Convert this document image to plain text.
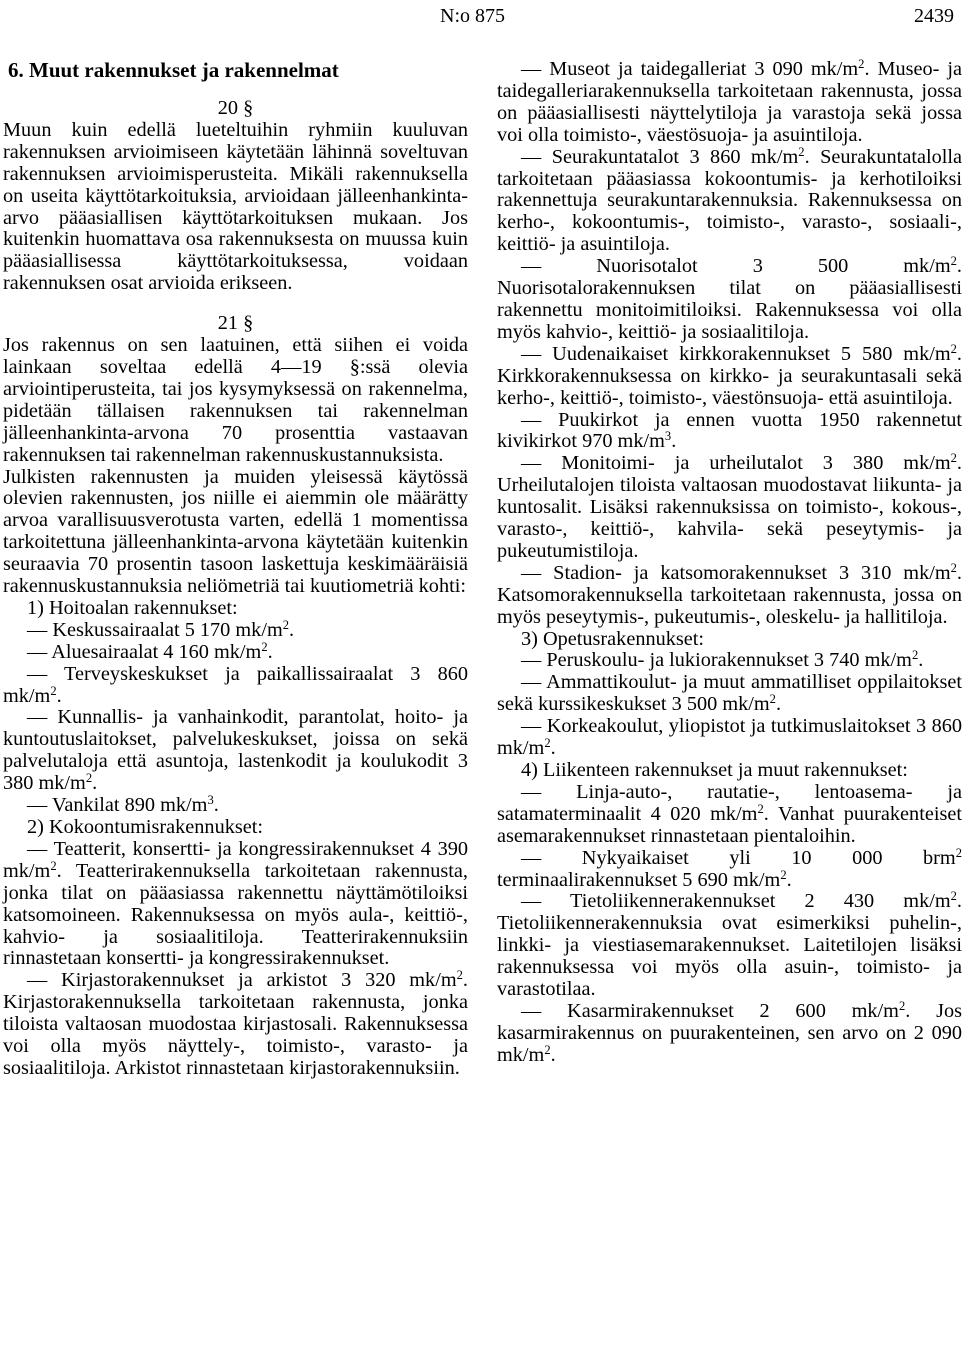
N:o 875	2439
6. Muut rakennukset ja rakennelmat

20 §

Muun kuin edellä lueteltuihin ryhmiin kuuluvan rakennuksen arvioimiseen käytetään lähinnä soveltuvan rakennuksen arvioimisperusteita. Mikäli rakennuksella on useita käyttötarkoituksia, arvioidaan jälleenhankinta-arvo pääasiallisen käyttötarkoituksen mukaan. Jos kuitenkin huomattava osa rakennuksesta on muussa kuin pääasiallisessa käyttötarkoituksessa, voidaan rakennuksen osat arvioida erikseen.

21 §

Jos rakennus on sen laatuinen, että siihen ei voida lainkaan soveltaa edellä 4—19 §:ssä olevia arviointiperusteita, tai jos kysymyksessä on rakennelma, pidetään tällaisen rakennuksen tai rakennelman jälleenhankinta-arvona 70 prosenttia vastaavan rakennuksen tai rakennelman rakennuskustannuksista.

Julkisten rakennusten ja muiden yleisessä käytössä olevien rakennusten, jos niille ei aiemmin ole määrätty arvoa varallisuusverotusta varten, edellä 1 momentissa tarkoitettuna jälleenhankinta-arvona käytetään kuitenkin seuraavia 70 prosentin tasoon laskettuja keskimääräisiä rakennuskustannuksia neliömetriä tai kuutiometriä kohti:

1) Hoitoalan rakennukset:

— Keskussairaalat 5 170 $mk/m^2$.

— Aluesairaalat 4 160 $mk/m^2$.

— Terveyskeskukset ja paikallissairaalat 3 860 $mk/m^2$.

— Kunnallis- ja vanhainkodit, parantolat, hoito- ja kuntoutuslaitokset, palvelukeskukset, joissa on sekä palvelutaloja että asuntoja, lastenkodit ja koulukodit 3 380 $mk/m^2$.

— Vankilat 890 $mk/m^3$.

2) Kokoontumisrakennukset:

— Teatterit, konsertti- ja kongressirakennukset 4 390 $mk/m^2$. Teatterirakennuksella tarkoitetaan rakennusta, jonka tilat on pääasiassa rakennettu näyttämötiloiksi katsomoineen. Rakennuksessa on myös aula-, keittiö-, kahvio- ja sosiaalitiloja. Teatterirakennuksiin rinnastetaan konsertti- ja kongressirakennukset.

— Kirjastorakennukset ja arkistot 3 320 $mk/m^2$. Kirjastorakennuksella tarkoitetaan rakennusta, jonka tiloista valtaosan muodostaa kirjastosali. Rakennuksessa voi olla myös näyttely-, toimisto-, varasto- ja sosiaalitiloja. Arkistot rinnastetaan kirjastorakennuksiin.

— Museot ja taidegalleriat 3 090 $mk/m^2$. Museo- ja taidegalleriarakennuksella tarkoitetaan rakennusta, jossa on pääasiallisesti näyttelytiloja ja varastoja sekä jossa voi olla toimisto-, väestösuoja- ja asuintiloja.

— Seurakuntatalot 3 860 $mk/m^2$. Seurakuntatalolla tarkoitetaan pääasiassa kokoontumis- ja kerhotiloiksi rakennettuja seurakuntarakennuksia. Rakennuksessa on kerho-, kokoontumis-, toimisto-, varasto-, sosiaali-, keittiö- ja asuintiloja.

— Nuorisotalot 3 500 $mk/m^2$. Nuorisotalorakennuksen tilat on pääasiallisesti rakennettu monitoimitiloiksi. Rakennuksessa voi olla myös kahvio-, keittiö- ja sosiaalitiloja.

— Uudenaikaiset kirkkorakennukset 5 580 $mk/m^2$. Kirkkorakennuksessa on kirkko- ja seurakuntasali sekä kerho-, keittiö-, toimisto-, väestönsuoja- että asuintiloja.

— Puukirkot ja ennen vuotta 1950 rakennetut kivikirkot 970 $mk/m^3$.

— Monitoimi- ja urheilutalot 3 380 $mk/m^2$. Urheilutalojen tiloista valtaosan muodostavat liikunta- ja kuntosalit. Lisäksi rakennuksissa on toimisto-, kokous-, varasto-, keittiö-, kahvila- sekä peseytymis- ja pukeutumistiloja.

— Stadion- ja katsomorakennukset 3 310 $mk/m^2$. Katsomorakennuksella tarkoitetaan rakennusta, jossa on myös peseytymis-, pukeutumis-, oleskelu- ja hallitiloja.

3) Opetusrakennukset:

— Peruskoulu- ja lukiorakennukset 3 740 $mk/m^2$.

— Ammattikoulut- ja muut ammatilliset oppilaitokset sekä kurssikeskukset 3 500 $mk/m^2$.

— Korkeakoulut, yliopistot ja tutkimuslaitokset 3 860 $mk/m^2$.

4) Liikenteen rakennukset ja muut rakennukset:

— Linja-auto-, rautatie-, lentoasema- ja satamaterminaalit 4 020 $mk/m^2$. Vanhat puurakenteiset asemarakennukset rinnastetaan pientaloihin.

— Nykyaikaiset yli 10 000 brm$^2$ terminaalirakennukset 5 690 $mk/m^2$.

— Tietoliikennerakennukset 2 430 $mk/m^2$. Tietoliikennerakennuksia ovat esimerkiksi puhelin-, linkki- ja viestiasemarakennukset. Laitetilojen lisäksi rakennuksessa voi myös olla asuin-, toimisto- ja varastotilaa.

— Kasarmirakennukset 2 600 $mk/m^2$. Jos kasarmirakennus on puurakenteinen, sen arvo on 2 090 $mk/m^2$.
